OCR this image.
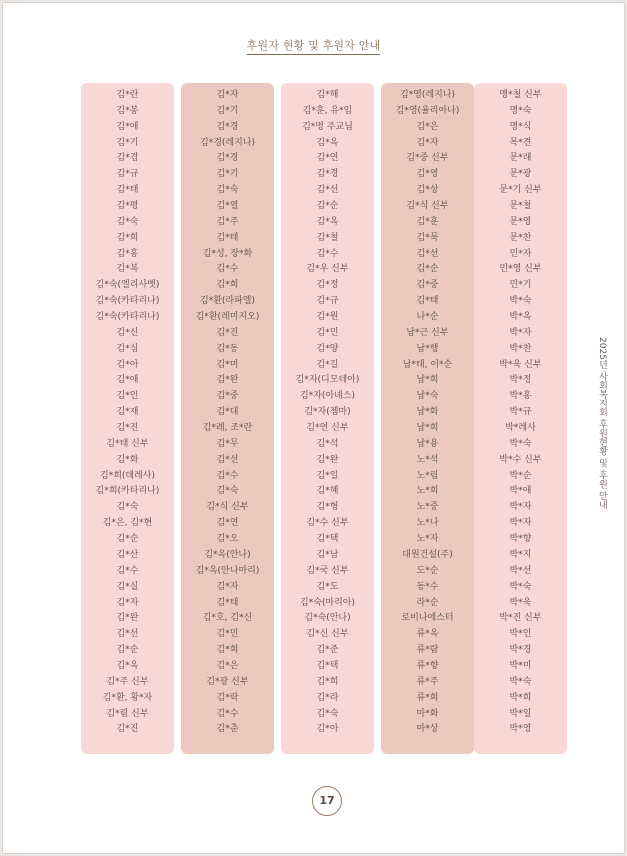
후원자 현황 및 후원자 안내
김*란
김*봉
김*애
김*기
김*겸
김*규
김*태
김*평
김*숙
김*희
김*홍
김*복
김*숙(엘리사벳)
김*숙(카타리나)
김*숙(카타리나)
김*신
김*심
김*아
김*애
김*인
김*재
김*진
김*태 신부
김*화
김*희(데레사)
김*희(카타리나)
김*숙
김*은, 김*현
김*순
김*산
김*수
김*실
김*자
김*완
김*선
김*순
김*옥
김*주 신부
김*환, 황*자
김*림 신부
김*진
김*자
김*기
김*경
김*경(레지나)
김*경
김*기
김*숙
김*열
김*주
김*태
김*성, 장*화
김*수
김*희
김*환(라파엘)
김*환(레미지오)
김*진
김*동
김*미
김*완
김*중
김*대
김*례, 조*란
김*무
김*선
김*수
김*숙
김*식 신부
김*연
김*오
김*옥(안나)
김*옥(안나마리)
김*자
김*태
김*호, 김*신
김*민
김*희
김*은
김*광 신부
김*락
김*수
김*춘
김*해
김*훈, 유*임
김*명 주교님
김*옥
김*연
김*경
김*선
김*순
김*옥
김*철
김*수
김*우 신부
김*정
김*규
김*원
김*민
김*양
김*길
김*자(디모테아)
김*자(아녜스)
김*자(젬마)
김*연 신부
김*석
김*완
김*일
김*혜
김*형
김*수 신부
김*택
김*남
김*국 신부
김*도
김*숙(마리아)
김*숙(안나)
김*신 신부
김*준
김*택
김*희
김*라
김*숙
김*아
김*영(레지나)
김*영(율리아나)
김*은
김*자
김*중 신부
김*영
김*상
김*식 신부
김*훈
김*묵
김*선
김*순
김*중
김*태
나*순
남*근 신부
남*행
남*태, 이*순
남*희
남*숙
남*화
남*희
남*용
노*석
노*림
노*희
노*중
노*나
노*자
대원건설(주)
도*순
동*수
라*순
로비나에스터
류*옥
류*람
류*향
류*주
류*희
마*화
마*상
맹*철 신부
명*숙
명*식
목*견
문*래
문*광
문*기 신부
문*철
문*영
문*찬
민*자
민*영 신부
민*기
박*숙
박*옥
박*자
박*찬
박*욱 신부
박*정
박*홍
박*규
박*레사
박*숙
박*수 신부
박*순
박*애
박*자
박*자
박*향
박*지
박*선
박*숙
박*욱
박*진 신부
박*인
박*경
박*미
박*숙
박*희
박*일
박*영
2025년 사회복지회 후원현황 및 후원 안내
17
